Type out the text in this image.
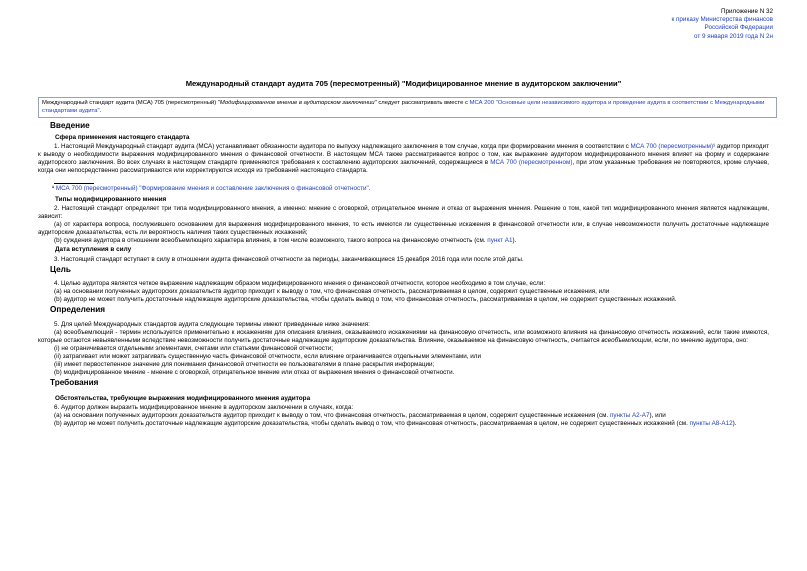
Приложение N 32
к приказу Министерства финансов
Российской Федерации
от 9 января 2019 года N 2н
Международный стандарт аудита 705 (пересмотренный) "Модифицированное мнение в аудиторском заключении"
Международный стандарт аудита (МСА) 705 (пересмотренный) "Модифицированное мнение в аудиторском заключении" следует рассматривать вместе с МСА 200 "Основные цели независимого аудитора и проведение аудита в соответствии с Международными стандартами аудита".
Введение
Сфера применения настоящего стандарта

1. Настоящий Международный стандарт аудита (МСА) устанавливает обязанности аудитора по выпуску надлежащего заключения в том случае, когда при формировании мнения в соответствии с МСА 700 (пересмотренным)¹ аудитор приходит к выводу о необходимости выражения модифицированного мнения о финансовой отчетности. В настоящем МСА также рассматривается вопрос о том, как выражение аудитором модифицированного мнения влияет на форму и содержание аудиторского заключения. Во всех случаях в настоящем стандарте применяются требования к составлению аудиторских заключений, содержащиеся в МСА 700 (пересмотренном), при этом указанные требования не повторяются, кроме случаев, когда они непосредственно рассматриваются или корректируются исходя из требований настоящего стандарта.

¹ МСА 700 (пересмотренный) "Формирование мнения и составление заключения о финансовой отчетности".
Типы модифицированного мнения

2. Настоящий стандарт определяет три типа модифицированного мнения, а именно: мнение с оговоркой, отрицательное мнение и отказ от выражения мнения. Решение о том, какой тип модифицированного мнения является надлежащим, зависит:

(a) от характера вопроса, послужившего основанием для выражения модифицированного мнения, то есть имеются ли существенные искажения в финансовой отчетности или, в случае невозможности получить достаточные надлежащие аудиторские доказательства, есть ли вероятность наличия таких существенных искажений;

(b) суждения аудитора в отношении всеобъемлющего характера влияния, в том числе возможного, такого вопроса на финансовую отчетность (см. пункт A1).

Дата вступления в силу

3. Настоящий стандарт вступает в силу в отношении аудита финансовой отчетности за периоды, заканчивающиеся 15 декабря 2016 года или после этой даты.

Цель

4. Целью аудитора является четкое выражение надлежащим образом модифицированного мнения о финансовой отчетности, которое необходимо в том случае, если:

(a) на основании полученных аудиторских доказательств аудитор приходит к выводу о том, что финансовая отчетность, рассматриваемая в целом, содержит существенные искажения, или

(b) аудитор не может получить достаточные надлежащие аудиторские доказательства, чтобы сделать вывод о том, что финансовая отчетность, рассматриваемая в целом, не содержит существенных искажений.

Определения

5. Для целей Международных стандартов аудита следующие термины имеют приведенные ниже значения:

(a) всеобъемлющий - термин используется применительно к искажениям для описания влияния, оказываемого искажениями на финансовую отчетность, или возможного влияния на финансовую отчетность искажений, если такие имеются, которые остаются невыявленными вследствие невозможности получить достаточные надлежащие аудиторские доказательства. Влияние, оказываемое на финансовую отчетность, считается всеобъемлющим, если, по мнению аудитора, оно:

(i) не ограничивается отдельными элементами, счетами или статьями финансовой отчетности;

(ii) затрагивает или может затрагивать существенную часть финансовой отчетности, если влияние ограничивается отдельными элементами, или

(iii) имеет первостепенное значение для понимания финансовой отчетности ее пользователями в плане раскрытия информации;

(b) модифицированное мнение - мнение с оговоркой, отрицательное мнение или отказ от выражения мнения о финансовой отчетности.

Требования
Обстоятельства, требующие выражения модифицированного мнения аудитора

6. Аудитор должен выразить модифицированное мнение в аудиторском заключении в случаях, когда:

(a) на основании полученных аудиторских доказательств аудитор приходит к выводу о том, что финансовая отчетность, рассматриваемая в целом, содержит существенные искажения (см. пункты A2-A7), или

(b) аудитор не может получить достаточные надлежащие аудиторские доказательства, чтобы сделать вывод о том, что финансовая отчетность, рассматриваемая в целом, не содержит существенных искажений (см. пункты A8-A12).
